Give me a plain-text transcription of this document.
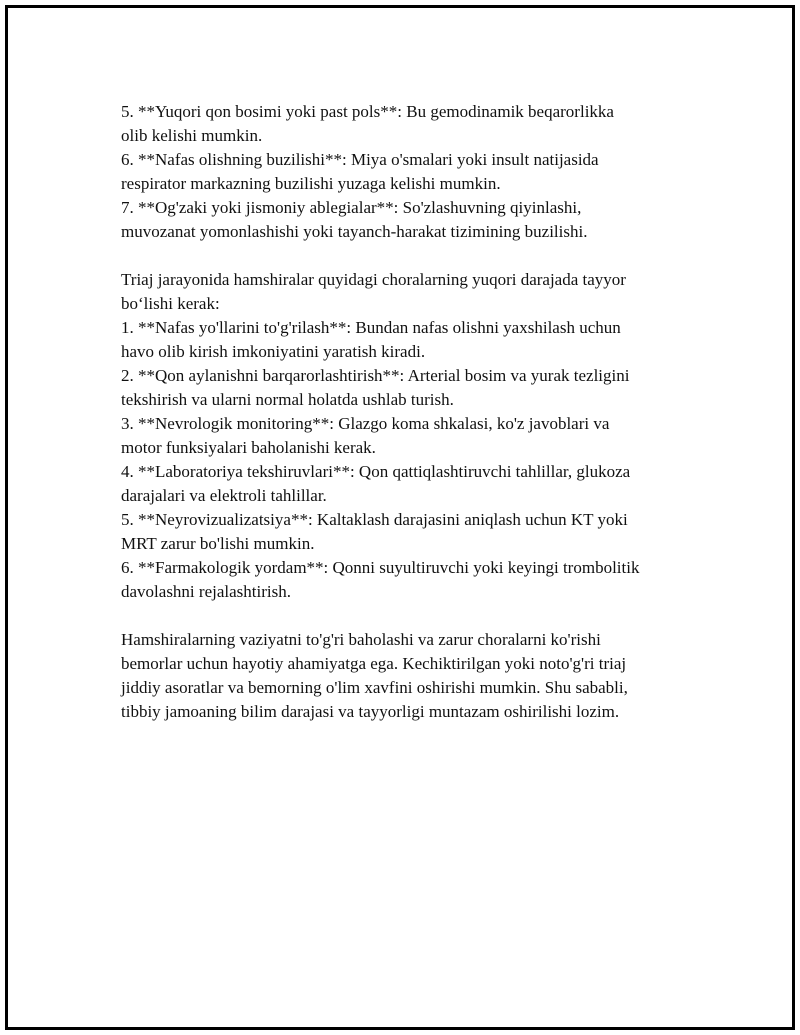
5. **Yuqori qon bosimi yoki past pols**: Bu gemodinamik beqarorlikka
olib kelishi mumkin.
6. **Nafas olishning buzilishi**: Miya o'smalari yoki insult natijasida
respirator markazning buzilishi yuzaga kelishi mumkin.
7. **Og'zaki yoki jismoniy ablegialar**: So'zlashuvning qiyinlashi,
muvozanat yomonlashishi yoki tayanch-harakat tizimining buzilishi.
Triaj jarayonida hamshiralar quyidagi choralarning yuqori darajada tayyor
bo‘lishi kerak:
1. **Nafas yo'llarini to'g'rilash**: Bundan nafas olishni yaxshilash uchun
havo olib kirish imkoniyatini yaratish kiradi.
2. **Qon aylanishni barqarorlashtirish**: Arterial bosim va yurak tezligini
tekshirish va ularni normal holatda ushlab turish.
3. **Nevrologik monitoring**: Glazgo koma shkalasi, ko'z javoblari va
motor funksiyalari baholanishi kerak.
4. **Laboratoriya tekshiruvlari**: Qon qattiqlashtiruvchi tahlillar, glukoza
darajalari va elektroli tahlillar.
5. **Neyrovizualizatsiya**: Kaltaklash darajasini aniqlash uchun KT yoki
MRT zarur bo'lishi mumkin.
6. **Farmakologik yordam**: Qonni suyultiruvchi yoki keyingi trombolitik
davolashni rejalashtirish.
Hamshiralarning vaziyatni to'g'ri baholashi va zarur choralarni ko'rishi
bemorlar uchun hayotiy ahamiyatga ega. Kechiktirilgan yoki noto'g'ri triaj
jiddiy asoratlar va bemorning o'lim xavfini oshirishi mumkin. Shu sababli,
tibbiy jamoaning bilim darajasi va tayyorligi muntazam oshirilishi lozim.
